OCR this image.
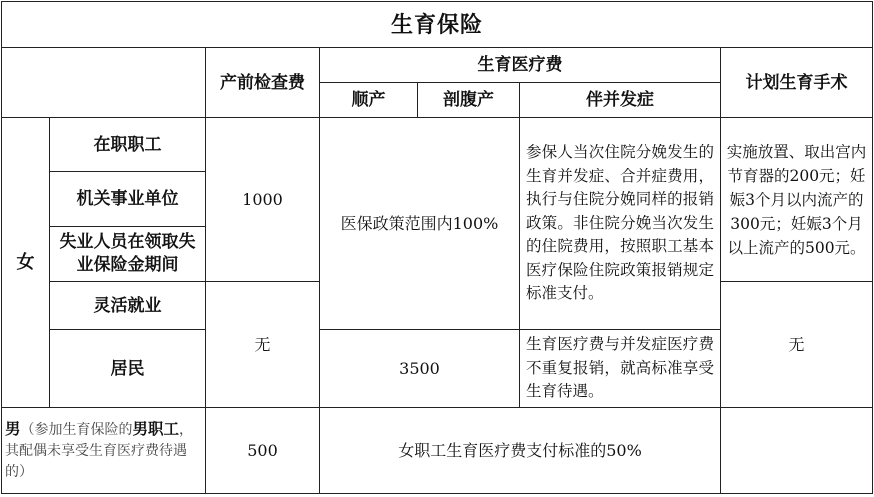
生育保险						
		产前检查费	生育医疗费			计划生育手术
			顺产	剖腹产	伴并发症	
女	在职职工	1000	医保政策范围内100%		参保人当次住院分娩发生的生育并发症、合并症费用，执行与住院分娩同样的报销政策。非住院分娩当次发生的住院费用，按照职工基本医疗保险住院政策报销规定标准支付。	实施放置、取出宫内节育器的200元；妊娠3个月以内流产的300元；妊娠3个月以上流产的500元。
	机关事业单位					
	失业人员在领取失业保险金期间					
	灵活就业	无				无
	居民		3500		生育医疗费与并发症医疗费不重复报销，就高标准享受生育待遇。	
男（参加生育保险的男职工，其配偶未享受生育医疗费待遇的）		500	女职工生育医疗费支付标准的50%			
